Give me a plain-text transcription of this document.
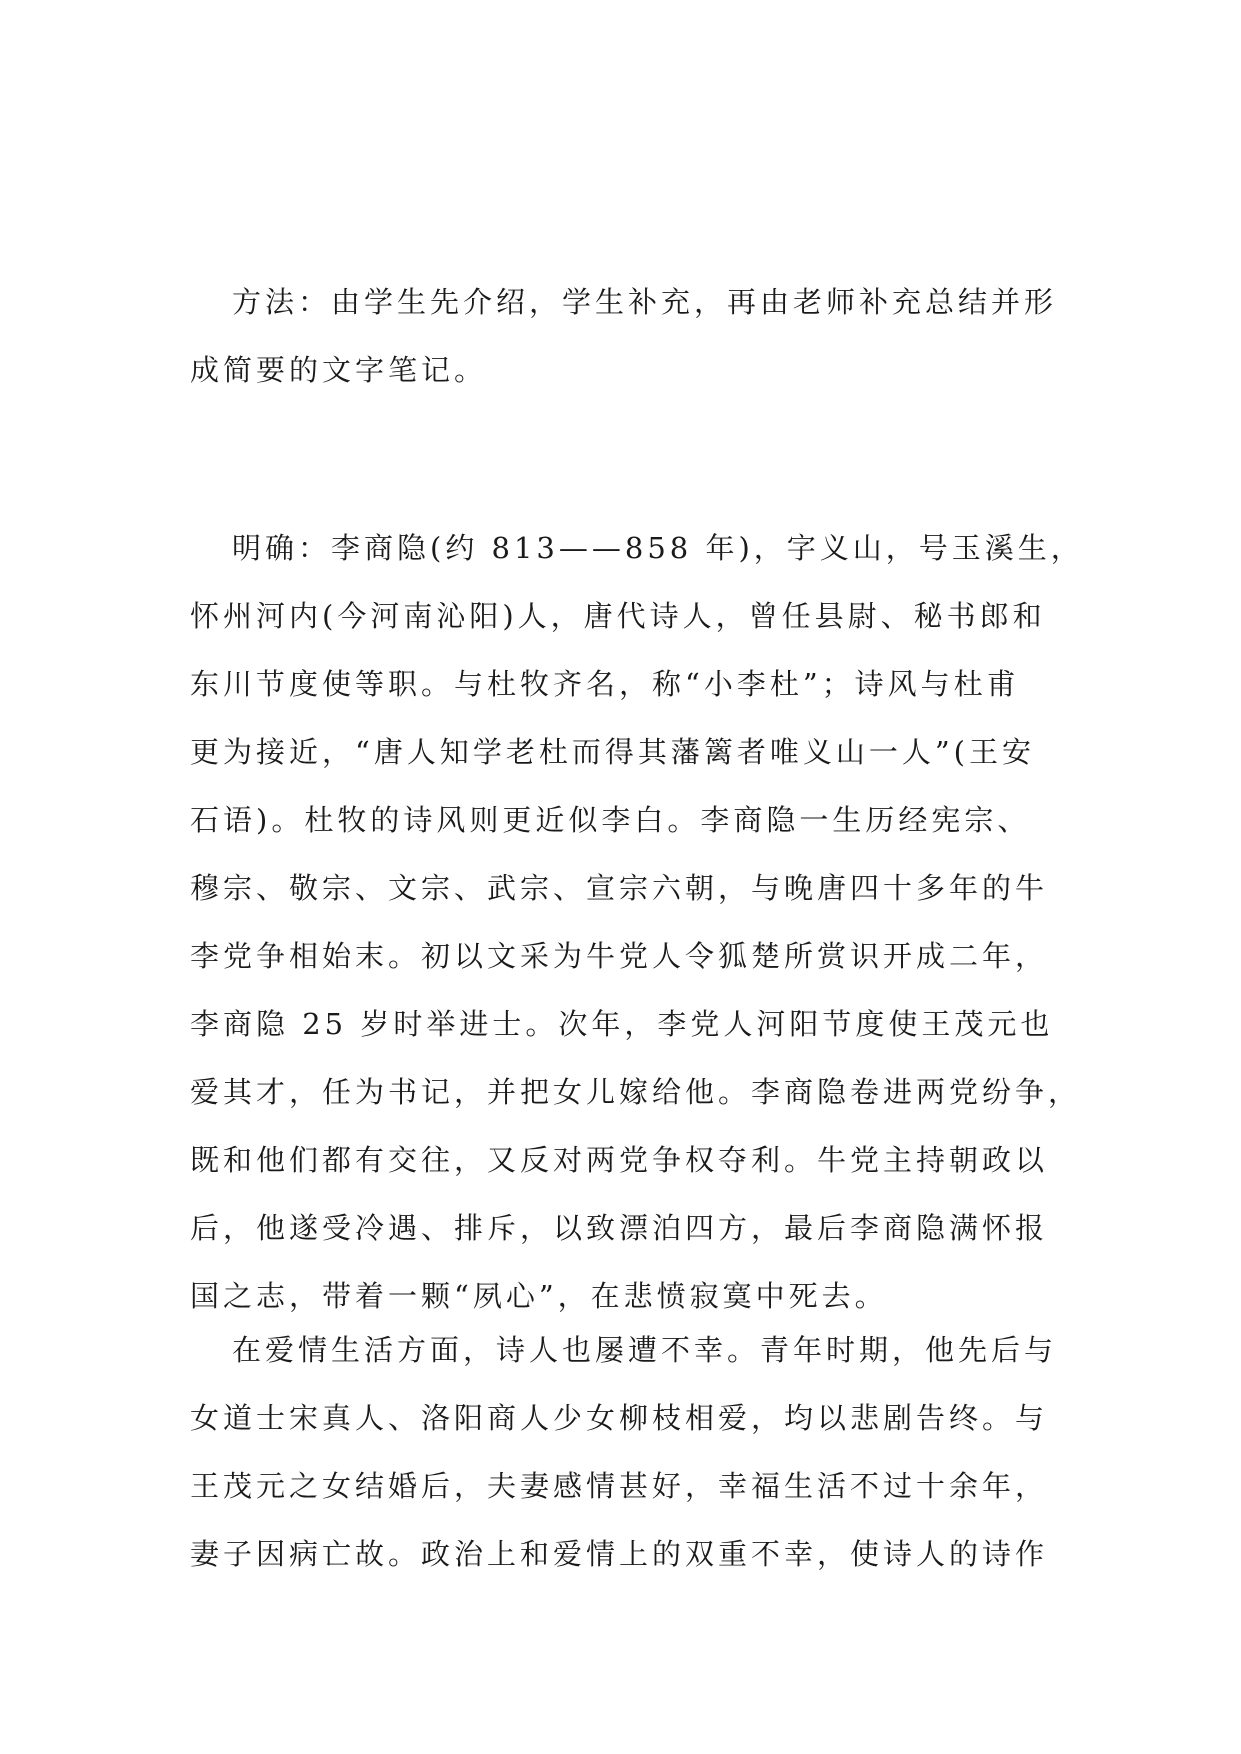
方法：由学生先介绍，学生补充，再由老师补充总结并形
成简要的文字笔记。
明确：李商隐(约 813——858 年)，字义山，号玉溪生，
怀州河内(今河南沁阳)人，唐代诗人，曾任县尉、秘书郎和
东川节度使等职。与杜牧齐名，称“小李杜”；诗风与杜甫
更为接近，“唐人知学老杜而得其藩篱者唯义山一人”(王安
石语)。杜牧的诗风则更近似李白。李商隐一生历经宪宗、
穆宗、敬宗、文宗、武宗、宣宗六朝，与晚唐四十多年的牛
李党争相始末。初以文采为牛党人令狐楚所赏识开成二年，
李商隐 25 岁时举进士。次年，李党人河阳节度使王茂元也
爱其才，任为书记，并把女儿嫁给他。李商隐卷进两党纷争，
既和他们都有交往，又反对两党争权夺利。牛党主持朝政以
后，他遂受冷遇、排斥，以致漂泊四方，最后李商隐满怀报
国之志，带着一颗“夙心”，在悲愤寂寞中死去。
在爱情生活方面，诗人也屡遭不幸。青年时期，他先后与
女道士宋真人、洛阳商人少女柳枝相爱，均以悲剧告终。与
王茂元之女结婚后，夫妻感情甚好，幸福生活不过十余年，
妻子因病亡故。政治上和爱情上的双重不幸，使诗人的诗作
